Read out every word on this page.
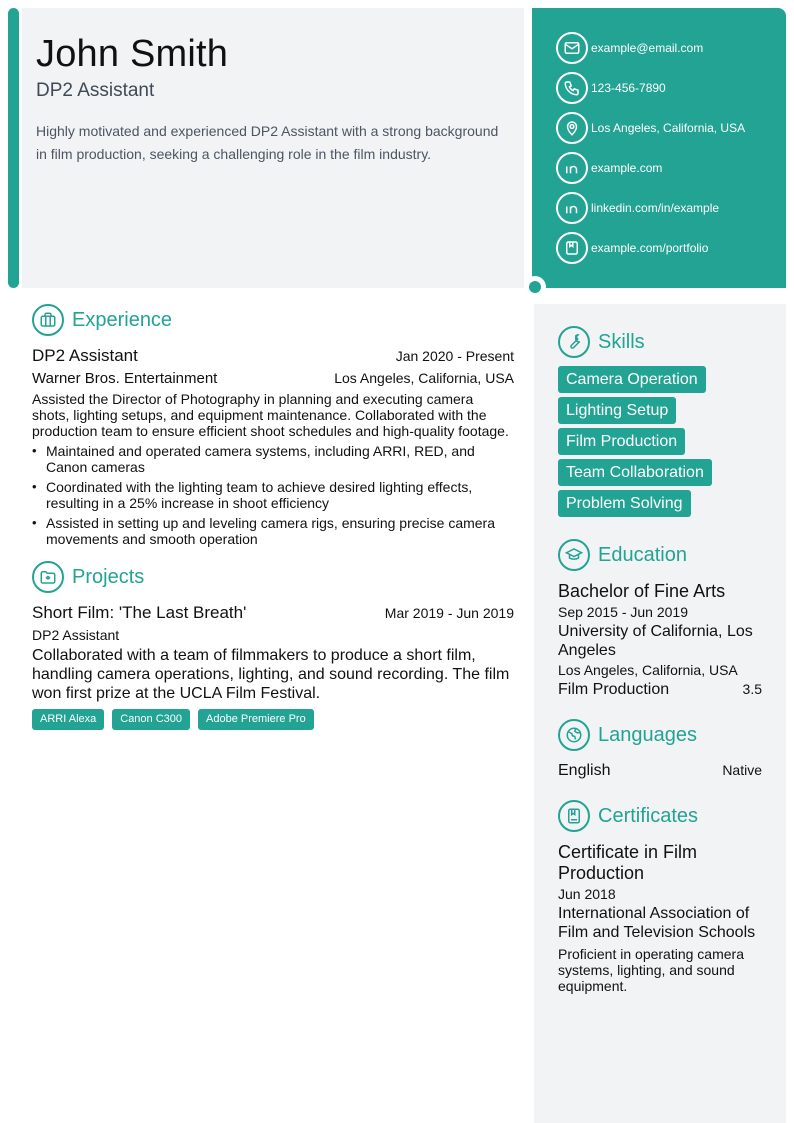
John Smith
DP2 Assistant
Highly motivated and experienced DP2 Assistant with a strong background in film production, seeking a challenging role in the film industry.
example@email.com
123-456-7890
Los Angeles, California, USA
example.com
linkedin.com/in/example
example.com/portfolio
Experience
DP2 Assistant	Jan 2020 - Present
Warner Bros. Entertainment	Los Angeles, California, USA
Assisted the Director of Photography in planning and executing camera shots, lighting setups, and equipment maintenance. Collaborated with the production team to ensure efficient shoot schedules and high-quality footage.
• Maintained and operated camera systems, including ARRI, RED, and Canon cameras
• Coordinated with the lighting team to achieve desired lighting effects, resulting in a 25% increase in shoot efficiency
• Assisted in setting up and leveling camera rigs, ensuring precise camera movements and smooth operation
Projects
Short Film: 'The Last Breath'	Mar 2019 - Jun 2019
DP2 Assistant
Collaborated with a team of filmmakers to produce a short film, handling camera operations, lighting, and sound recording. The film won first prize at the UCLA Film Festival.
ARRI Alexa	Canon C300	Adobe Premiere Pro
Skills
Camera Operation
Lighting Setup
Film Production
Team Collaboration
Problem Solving
Education
Bachelor of Fine Arts
Sep 2015 - Jun 2019
University of California, Los Angeles
Los Angeles, California, USA
Film Production	3.5
Languages
English	Native
Certificates
Certificate in Film Production
Jun 2018
International Association of Film and Television Schools
Proficient in operating camera systems, lighting, and sound equipment.
